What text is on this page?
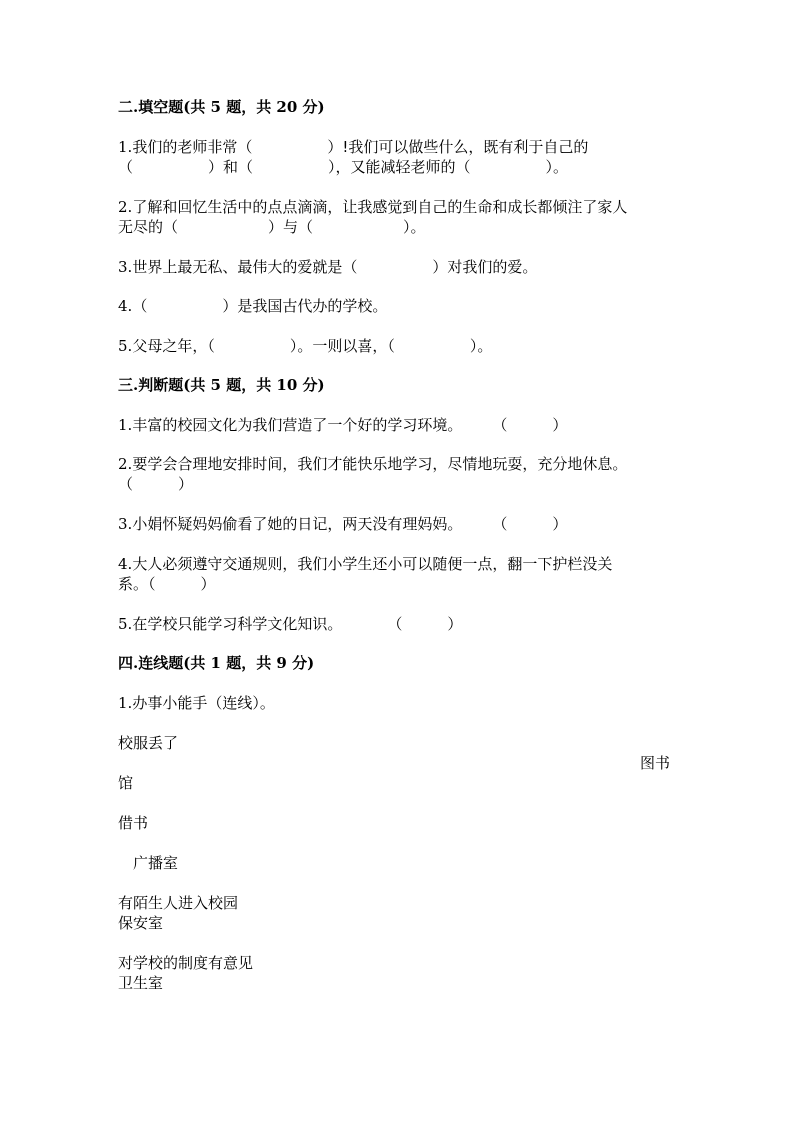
二.填空题(共 5 题，共 20 分)
1.我们的老师非常（　　　　　）!我们可以做些什么，既有利于自己的
（　　　　　）和（　　　　　），又能减轻老师的（　　　　　）。
2.了解和回忆生活中的点点滴滴，让我感觉到自己的生命和成长都倾注了家人
无尽的（　　　　　　）与（　　　　　　）。
3.世界上最无私、最伟大的爱就是（　　　　　）对我们的爱。
4.（　　　　　）是我国古代办的学校。
5.父母之年，（　　　　　）。一则以喜，（　　　　　）。
三.判断题(共 5 题，共 10 分)
1.丰富的校园文化为我们营造了一个好的学习环境。　　　（　　　）
2.要学会合理地安排时间，我们才能快乐地学习，尽情地玩耍，充分地休息。
（　　　）
3.小娟怀疑妈妈偷看了她的日记，两天没有理妈妈。　　　（　　　）
4.大人必须遵守交通规则，我们小学生还小可以随便一点，翻一下护栏没关
系。（　　　）
5.在学校只能学习科学文化知识。　　　　（　　　）
四.连线题(共 1 题，共 9 分)
1.办事小能手（连线）。
校服丢了
图书
馆
借书
广播室
有陌生人进入校园
保安室
对学校的制度有意见
卫生室
